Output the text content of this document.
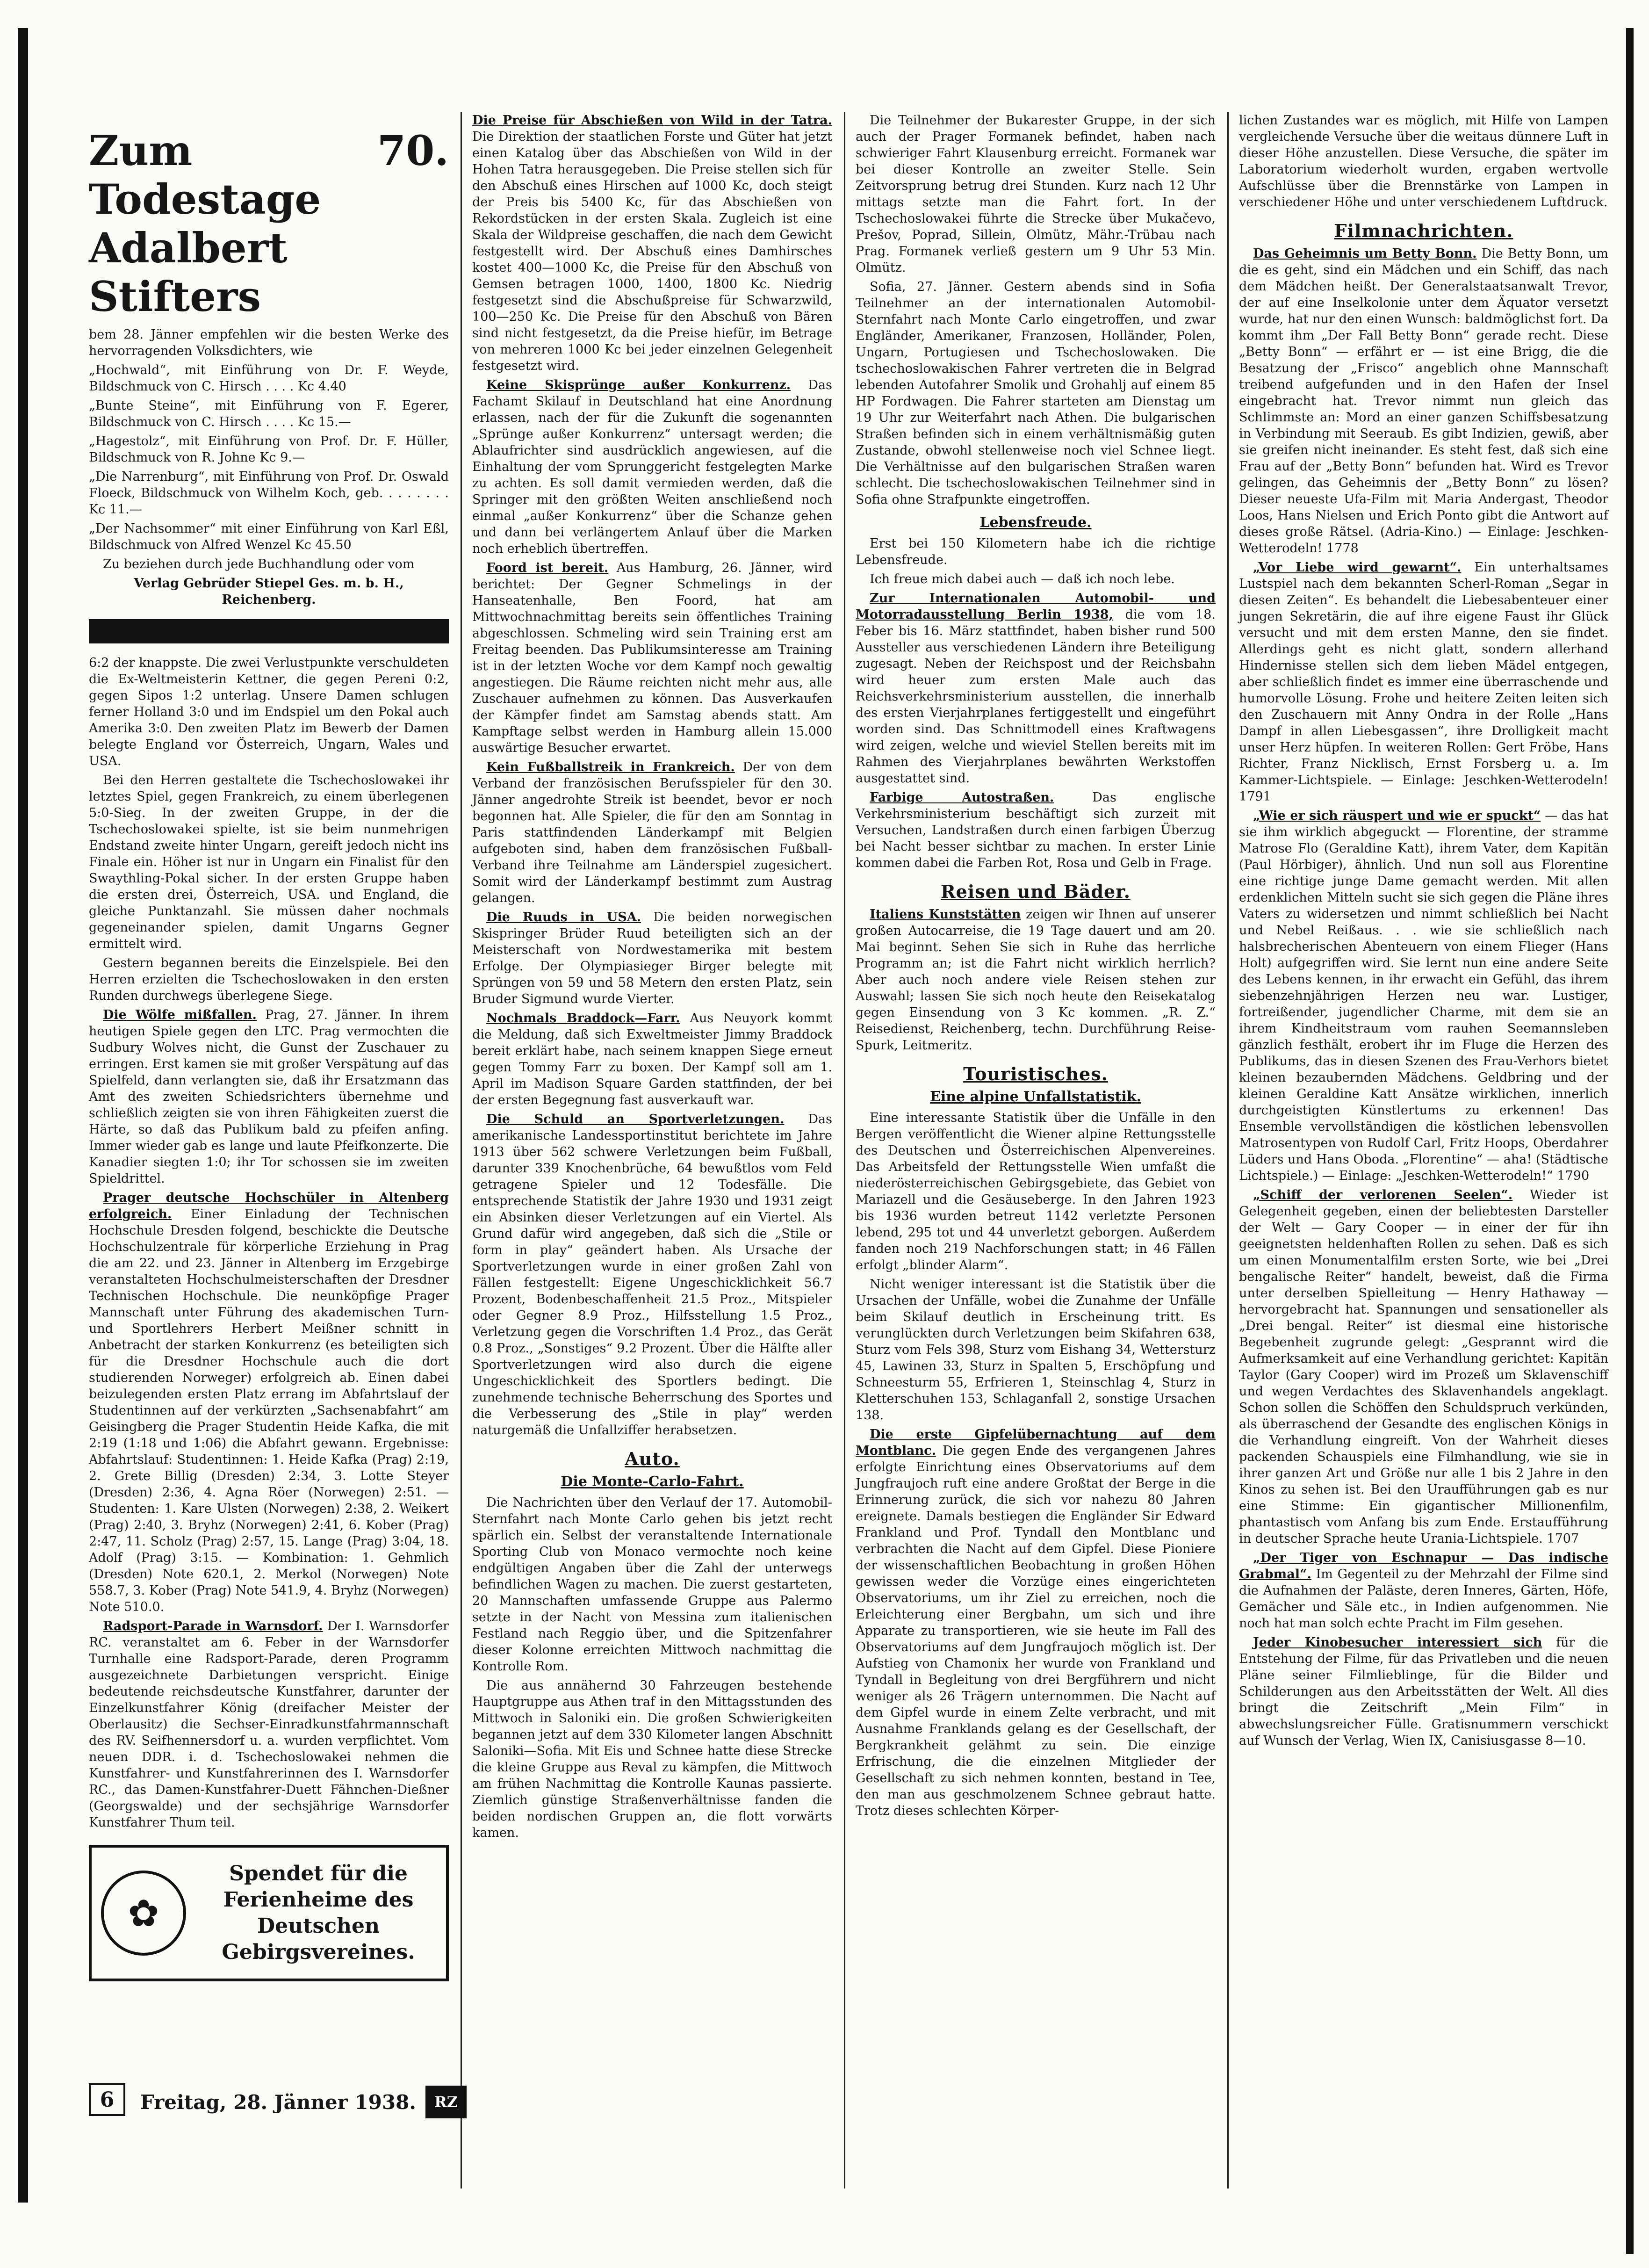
Zum 70. Todestage Adalbert Stifters

bem 28. Jänner empfehlen wir die besten Werke des hervorragenden Volksdichters, wie

„Hochwald“, mit Einführung von Dr. F. Weyde, Bildschmuck von C. Hirsch . . . . Kc 4.40

„Bunte Steine“, mit Einführung von F. Egerer, Bildschmuck von C. Hirsch . . . . Kc 15.—

„Hagestolz“, mit Einführung von Prof. Dr. F. Hüller, Bildschmuck von R. Johne Kc 9.—

„Die Narrenburg“, mit Einführung von Prof. Dr. Oswald Floeck, Bildschmuck von Wilhelm Koch, geb. . . . . . . . Kc 11.—

„Der Nachsommer“ mit einer Einführung von Karl Eßl, Bildschmuck von Alfred Wenzel Kc 45.50

Zu beziehen durch jede Buchhandlung oder vom

Verlag Gebrüder Stiepel Ges. m. b. H., Reichenberg.

6:2 der knappste. Die zwei Verlustpunkte verschuldeten die Ex-Weltmeisterin Kettner, die gegen Pereni 0:2, gegen Sipos 1:2 unterlag. Unsere Damen schlugen ferner Holland 3:0 und im Endspiel um den Pokal auch Amerika 3:0. Den zweiten Platz im Bewerb der Damen belegte England vor Österreich, Ungarn, Wales und USA.

Bei den Herren gestaltete die Tschechoslowakei ihr letztes Spiel, gegen Frankreich, zu einem überlegenen 5:0-Sieg. In der zweiten Gruppe, in der die Tschechoslowakei spielte, ist sie beim nunmehrigen Endstand zweite hinter Ungarn, gereift jedoch nicht ins Finale ein. Höher ist nur in Ungarn ein Finalist für den Swaythling-Pokal sicher. In der ersten Gruppe haben die ersten drei, Österreich, USA. und England, die gleiche Punktanzahl. Sie müssen daher nochmals gegeneinander spielen, damit Ungarns Gegner ermittelt wird.

Gestern begannen bereits die Einzelspiele. Bei den Herren erzielten die Tschechoslowaken in den ersten Runden durchwegs überlegene Siege.

Die Wölfe mißfallen. Prag, 27. Jänner. In ihrem heutigen Spiele gegen den LTC. Prag vermochten die Sudbury Wolves nicht, die Gunst der Zuschauer zu erringen. Erst kamen sie mit großer Verspätung auf das Spielfeld, dann verlangten sie, daß ihr Ersatzmann das Amt des zweiten Schiedsrichters übernehme und schließlich zeigten sie von ihren Fähigkeiten zuerst die Härte, so daß das Publikum bald zu pfeifen anfing. Immer wieder gab es lange und laute Pfeifkonzerte. Die Kanadier siegten 1:0; ihr Tor schossen sie im zweiten Spieldrittel.

Prager deutsche Hochschüler in Altenberg erfolgreich. Einer Einladung der Technischen Hochschule Dresden folgend, beschickte die Deutsche Hochschulzentrale für körperliche Erziehung in Prag die am 22. und 23. Jänner in Altenberg im Erzgebirge veranstalteten Hochschulmeisterschaften der Dresdner Technischen Hochschule. Die neunköpfige Prager Mannschaft unter Führung des akademischen Turn- und Sportlehrers Herbert Meißner schnitt in Anbetracht der starken Konkurrenz (es beteiligten sich für die Dresdner Hochschule auch die dort studierenden Norweger) erfolgreich ab. Einen dabei beizulegenden ersten Platz errang im Abfahrtslauf der Studentinnen auf der verkürzten „Sachsenabfahrt“ am Geisingberg die Prager Studentin Heide Kafka, die mit 2:19 (1:18 und 1:06) die Abfahrt gewann. Ergebnisse: Abfahrtslauf: Studentinnen: 1. Heide Kafka (Prag) 2:19, 2. Grete Billig (Dresden) 2:34, 3. Lotte Steyer (Dresden) 2:36, 4. Agna Röer (Norwegen) 2:51. — Studenten: 1. Kare Ulsten (Norwegen) 2:38, 2. Weikert (Prag) 2:40, 3. Bryhz (Norwegen) 2:41, 6. Kober (Prag) 2:47, 11. Scholz (Prag) 2:57, 15. Lange (Prag) 3:04, 18. Adolf (Prag) 3:15. — Kombination: 1. Gehmlich (Dresden) Note 620.1, 2. Merkol (Norwegen) Note 558.7, 3. Kober (Prag) Note 541.9, 4. Bryhz (Norwegen) Note 510.0.

Radsport-Parade in Warnsdorf. Der I. Warnsdorfer RC. veranstaltet am 6. Feber in der Warnsdorfer Turnhalle eine Radsport-Parade, deren Programm ausgezeichnete Darbietungen verspricht. Einige bedeutende reichsdeutsche Kunstfahrer, darunter der Einzelkunstfahrer König (dreifacher Meister der Oberlausitz) die Sechser-Einradkunstfahrmannschaft des RV. Seifhennersdorf u. a. wurden verpflichtet. Vom neuen DDR. i. d. Tschechoslowakei nehmen die Kunstfahrer- und Kunstfahrerinnen des I. Warnsdorfer RC., das Damen-Kunstfahrer-Duett Fähnchen-Dießner (Georgswalde) und der sechsjährige Warnsdorfer Kunstfahrer Thum teil.

✿
Spendet für die Ferienheime des Deutschen Gebirgsvereines.

Die Preise für Abschießen von Wild in der Tatra. Die Direktion der staatlichen Forste und Güter hat jetzt einen Katalog über das Abschießen von Wild in der Hohen Tatra herausgegeben. Die Preise stellen sich für den Abschuß eines Hirschen auf 1000 Kc, doch steigt der Preis bis 5400 Kc, für das Abschießen von Rekordstücken in der ersten Skala. Zugleich ist eine Skala der Wildpreise geschaffen, die nach dem Gewicht festgestellt wird. Der Abschuß eines Damhirsches kostet 400—1000 Kc, die Preise für den Abschuß von Gemsen betragen 1000, 1400, 1800 Kc. Niedrig festgesetzt sind die Abschußpreise für Schwarzwild, 100—250 Kc. Die Preise für den Abschuß von Bären sind nicht festgesetzt, da die Preise hiefür, im Betrage von mehreren 1000 Kc bei jeder einzelnen Gelegenheit festgesetzt wird.

Keine Skisprünge außer Konkurrenz. Das Fachamt Skilauf in Deutschland hat eine Anordnung erlassen, nach der für die Zukunft die sogenannten „Sprünge außer Konkurrenz“ untersagt werden; die Ablaufrichter sind ausdrücklich angewiesen, auf die Einhaltung der vom Sprunggericht festgelegten Marke zu achten. Es soll damit vermieden werden, daß die Springer mit den größten Weiten anschließend noch einmal „außer Konkurrenz“ über die Schanze gehen und dann bei verlängertem Anlauf über die Marken noch erheblich übertreffen.

Foord ist bereit. Aus Hamburg, 26. Jänner, wird berichtet: Der Gegner Schmelings in der Hanseatenhalle, Ben Foord, hat am Mittwochnachmittag bereits sein öffentliches Training abgeschlossen. Schmeling wird sein Training erst am Freitag beenden. Das Publikumsinteresse am Training ist in der letzten Woche vor dem Kampf noch gewaltig angestiegen. Die Räume reichten nicht mehr aus, alle Zuschauer aufnehmen zu können. Das Ausverkaufen der Kämpfer findet am Samstag abends statt. Am Kampftage selbst werden in Hamburg allein 15.000 auswärtige Besucher erwartet.

Kein Fußballstreik in Frankreich. Der von dem Verband der französischen Berufsspieler für den 30. Jänner angedrohte Streik ist beendet, bevor er noch begonnen hat. Alle Spieler, die für den am Sonntag in Paris stattfindenden Länderkampf mit Belgien aufgeboten sind, haben dem französischen Fußball-Verband ihre Teilnahme am Länderspiel zugesichert. Somit wird der Länderkampf bestimmt zum Austrag gelangen.

Die Ruuds in USA. Die beiden norwegischen Skispringer Brüder Ruud beteiligten sich an der Meisterschaft von Nordwestamerika mit bestem Erfolge. Der Olympiasieger Birger belegte mit Sprüngen von 59 und 58 Metern den ersten Platz, sein Bruder Sigmund wurde Vierter.

Nochmals Braddock—Farr. Aus Neuyork kommt die Meldung, daß sich Exweltmeister Jimmy Braddock bereit erklärt habe, nach seinem knappen Siege erneut gegen Tommy Farr zu boxen. Der Kampf soll am 1. April im Madison Square Garden stattfinden, der bei der ersten Begegnung fast ausverkauft war.

Die Schuld an Sportverletzungen. Das amerikanische Landessportinstitut berichtete im Jahre 1913 über 562 schwere Verletzungen beim Fußball, darunter 339 Knochenbrüche, 64 bewußtlos vom Feld getragene Spieler und 12 Todesfälle. Die entsprechende Statistik der Jahre 1930 und 1931 zeigt ein Absinken dieser Verletzungen auf ein Viertel. Als Grund dafür wird angegeben, daß sich die „Stile or form in play“ geändert haben. Als Ursache der Sportverletzungen wurde in einer großen Zahl von Fällen festgestellt: Eigene Ungeschicklichkeit 56.7 Prozent, Bodenbeschaffenheit 21.5 Proz., Mitspieler oder Gegner 8.9 Proz., Hilfsstellung 1.5 Proz., Verletzung gegen die Vorschriften 1.4 Proz., das Gerät 0.8 Proz., „Sonstiges“ 9.2 Prozent. Über die Hälfte aller Sportverletzungen wird also durch die eigene Ungeschicklichkeit des Sportlers bedingt. Die zunehmende technische Beherrschung des Sportes und die Verbesserung des „Stile in play“ werden naturgemäß die Unfallziffer herabsetzen.

Auto.
Die Monte-Carlo-Fahrt.

Die Nachrichten über den Verlauf der 17. Automobil-Sternfahrt nach Monte Carlo gehen bis jetzt recht spärlich ein. Selbst der veranstaltende Internationale Sporting Club von Monaco vermochte noch keine endgültigen Angaben über die Zahl der unterwegs befindlichen Wagen zu machen. Die zuerst gestarteten, 20 Mannschaften umfassende Gruppe aus Palermo setzte in der Nacht von Messina zum italienischen Festland nach Reggio über, und die Spitzenfahrer dieser Kolonne erreichten Mittwoch nachmittag die Kontrolle Rom.

Die aus annähernd 30 Fahrzeugen bestehende Hauptgruppe aus Athen traf in den Mittagsstunden des Mittwoch in Saloniki ein. Die großen Schwierigkeiten begannen jetzt auf dem 330 Kilometer langen Abschnitt Saloniki—Sofia. Mit Eis und Schnee hatte diese Strecke die kleine Gruppe aus Reval zu kämpfen, die Mittwoch am frühen Nachmittag die Kontrolle Kaunas passierte. Ziemlich günstige Straßenverhältnisse fanden die beiden nordischen Gruppen an, die flott vorwärts kamen.

Die Teilnehmer der Bukarester Gruppe, in der sich auch der Prager Formanek befindet, haben nach schwieriger Fahrt Klausenburg erreicht. Formanek war bei dieser Kontrolle an zweiter Stelle. Sein Zeitvorsprung betrug drei Stunden. Kurz nach 12 Uhr mittags setzte man die Fahrt fort. In der Tschechoslowakei führte die Strecke über Mukačevo, Prešov, Poprad, Sillein, Olmütz, Mähr.-Trübau nach Prag. Formanek verließ gestern um 9 Uhr 53 Min. Olmütz.

Sofia, 27. Jänner. Gestern abends sind in Sofia Teilnehmer an der internationalen Automobil-Sternfahrt nach Monte Carlo eingetroffen, und zwar Engländer, Amerikaner, Franzosen, Holländer, Polen, Ungarn, Portugiesen und Tschechoslowaken. Die tschechoslowakischen Fahrer vertreten die in Belgrad lebenden Autofahrer Smolik und Grohahlj auf einem 85 HP Fordwagen. Die Fahrer starteten am Dienstag um 19 Uhr zur Weiterfahrt nach Athen. Die bulgarischen Straßen befinden sich in einem verhältnismäßig guten Zustande, obwohl stellenweise noch viel Schnee liegt. Die Verhältnisse auf den bulgarischen Straßen waren schlecht. Die tschechoslowakischen Teilnehmer sind in Sofia ohne Strafpunkte eingetroffen.

Lebensfreude.

Erst bei 150 Kilometern habe ich die richtige Lebensfreude.

Ich freue mich dabei auch — daß ich noch lebe.

Zur Internationalen Automobil- und Motorradausstellung Berlin 1938, die vom 18. Feber bis 16. März stattfindet, haben bisher rund 500 Aussteller aus verschiedenen Ländern ihre Beteiligung zugesagt. Neben der Reichspost und der Reichsbahn wird heuer zum ersten Male auch das Reichsverkehrsministerium ausstellen, die innerhalb des ersten Vierjahrplanes fertiggestellt und eingeführt worden sind. Das Schnittmodell eines Kraftwagens wird zeigen, welche und wieviel Stellen bereits mit im Rahmen des Vierjahrplanes bewährten Werkstoffen ausgestattet sind.

Farbige Autostraßen.	Das englische Verkehrsministerium beschäftigt sich zurzeit mit Versuchen, Landstraßen durch einen farbigen Überzug bei Nacht besser sichtbar zu machen. In erster Linie kommen dabei die Farben Rot, Rosa und Gelb in Frage.

Reisen und Bäder.

Italiens Kunststätten zeigen wir Ihnen auf unserer großen Autocarreise, die 19 Tage dauert und am 20. Mai beginnt. Sehen Sie sich in Ruhe das herrliche Programm an; ist die Fahrt nicht wirklich herrlich? Aber auch noch andere viele Reisen stehen zur Auswahl; lassen Sie sich noch heute den Reisekatalog gegen Einsendung von 3 Kc kommen. „R. Z.“ Reisedienst, Reichenberg, techn. Durchführung Reise-Spurk, Leitmeritz.

Touristisches.
Eine alpine Unfallstatistik.

Eine interessante Statistik über die Unfälle in den Bergen veröffentlicht die Wiener alpine Rettungsstelle des Deutschen und Österreichischen Alpenvereines. Das Arbeitsfeld der Rettungsstelle Wien umfaßt die niederösterreichischen Gebirgsgebiete, das Gebiet von Mariazell und die Gesäuseberge. In den Jahren 1923 bis 1936 wurden betreut 1142 verletzte Personen lebend, 295 tot und 44 unverletzt geborgen. Außerdem fanden noch 219 Nachforschungen statt; in 46 Fällen erfolgt „blinder Alarm“.

Nicht weniger interessant ist die Statistik über die Ursachen der Unfälle, wobei die Zunahme der Unfälle beim Skilauf deutlich in Erscheinung tritt. Es verunglückten durch Verletzungen beim Skifahren 638, Sturz vom Fels 398, Sturz vom Eishang 34, Wettersturz 45, Lawinen 33, Sturz in Spalten 5, Erschöpfung und Schneesturm 55, Erfrieren 1, Steinschlag 4, Sturz in Kletterschuhen 153, Schlaganfall 2, sonstige Ursachen 138.

Die erste Gipfelübernachtung auf dem Montblanc. Die gegen Ende des vergangenen Jahres erfolgte Einrichtung eines Observatoriums auf dem Jungfraujoch ruft eine andere Großtat der Berge in die Erinnerung zurück, die sich vor nahezu 80 Jahren ereignete. Damals bestiegen die Engländer Sir Edward Frankland und Prof. Tyndall den Montblanc und verbrachten die Nacht auf dem Gipfel. Diese Pioniere der wissenschaftlichen Beobachtung in großen Höhen gewissen weder die Vorzüge eines eingerichteten Observatoriums, um ihr Ziel zu erreichen, noch die Erleichterung einer Bergbahn, um sich und ihre Apparate zu transportieren, wie sie heute im Fall des Observatoriums auf dem Jungfraujoch möglich ist. Der Aufstieg von Chamonix her wurde von Frankland und Tyndall in Begleitung von drei Bergführern und nicht weniger als 26 Trägern unternommen. Die Nacht auf dem Gipfel wurde in einem Zelte verbracht, und mit Ausnahme Franklands gelang es der Gesellschaft, der Bergkrankheit gelähmt zu sein. Die einzige Erfrischung, die die einzelnen Mitglieder der Gesellschaft zu sich nehmen konnten, bestand in Tee, den man aus geschmolzenem Schnee gebraut hatte. Trotz dieses schlechten Körper-

lichen Zustandes war es möglich, mit Hilfe von Lampen vergleichende Versuche über die weitaus dünnere Luft in dieser Höhe anzustellen. Diese Versuche, die später im Laboratorium wiederholt wurden, ergaben wertvolle Aufschlüsse über die Brennstärke von Lampen in verschiedener Höhe und unter verschiedenem Luftdruck.

Filmnachrichten.

Das Geheimnis um Betty Bonn. Die Betty Bonn, um die es geht, sind ein Mädchen und ein Schiff, das nach dem Mädchen heißt. Der Generalstaatsanwalt Trevor, der auf eine Inselkolonie unter dem Äquator versetzt wurde, hat nur den einen Wunsch: baldmöglichst fort. Da kommt ihm „Der Fall Betty Bonn“ gerade recht. Diese „Betty Bonn“ — erfährt er — ist eine Brigg, die die Besatzung der „Frisco“ angeblich ohne Mannschaft treibend aufgefunden und in den Hafen der Insel eingebracht hat. Trevor nimmt nun gleich das Schlimmste an: Mord an einer ganzen Schiffsbesatzung in Verbindung mit Seeraub. Es gibt Indizien, gewiß, aber sie greifen nicht ineinander. Es steht fest, daß sich eine Frau auf der „Betty Bonn“ befunden hat. Wird es Trevor gelingen, das Geheimnis der „Betty Bonn“ zu lösen? Dieser neueste Ufa-Film mit Maria Andergast, Theodor Loos, Hans Nielsen und Erich Ponto gibt die Antwort auf dieses große Rätsel. (Adria-Kino.) — Einlage: Jeschken-Wetterodeln! 1778

„Vor Liebe wird gewarnt“. Ein unterhaltsames Lustspiel nach dem bekannten Scherl-Roman „Segar in diesen Zeiten“. Es behandelt die Liebesabenteuer einer jungen Sekretärin, die auf ihre eigene Faust ihr Glück versucht und mit dem ersten Manne, den sie findet. Allerdings geht es nicht glatt, sondern allerhand Hindernisse stellen sich dem lieben Mädel entgegen, aber schließlich findet es immer eine überraschende und humorvolle Lösung. Frohe und heitere Zeiten leiten sich den Zuschauern mit Anny Ondra in der Rolle „Hans Dampf in allen Liebesgassen“, ihre Drolligkeit macht unser Herz hüpfen. In weiteren Rollen: Gert Fröbe, Hans Richter, Franz Nicklisch, Ernst Forsberg u. a. Im Kammer-Lichtspiele. — Einlage: Jeschken-Wetterodeln! 1791

„Wie er sich räuspert und wie er spuckt“ — das hat sie ihm wirklich abgeguckt — Florentine, der stramme Matrose Flo (Geraldine Katt), ihrem Vater, dem Kapitän (Paul Hörbiger), ähnlich. Und nun soll aus Florentine eine richtige junge Dame gemacht werden. Mit allen erdenklichen Mitteln sucht sie sich gegen die Pläne ihres Vaters zu widersetzen und nimmt schließlich bei Nacht und Nebel Reißaus. . . wie sie schließlich nach halsbrecherischen Abenteuern von einem Flieger (Hans Holt) aufgegriffen wird. Sie lernt nun eine andere Seite des Lebens kennen, in ihr erwacht ein Gefühl, das ihrem siebenzehnjährigen Herzen neu war. Lustiger, fortreißender, jugendlicher Charme, mit dem sie an ihrem Kindheitstraum vom rauhen Seemannsleben gänzlich festhält, erobert ihr im Fluge die Herzen des Publikums, das in diesen Szenen des Frau-Verhors bietet kleinen bezaubernden Mädchens. Geldbring und der kleinen Geraldine Katt Ansätze wirklichen, innerlich durchgeistigten Künstlertums zu erkennen! Das Ensemble vervollständigen die köstlichen lebensvollen Matrosentypen von Rudolf Carl, Fritz Hoops, Oberdahrer Lüders und Hans Oboda. „Florentine“ — aha! (Städtische Lichtspiele.) — Einlage: „Jeschken-Wetterodeln!“ 1790

„Schiff der verlorenen Seelen“. Wieder ist Gelegenheit gegeben, einen der beliebtesten Darsteller der Welt — Gary Cooper — in einer der für ihn geeignetsten heldenhaften Rollen zu sehen. Daß es sich um einen Monumentalfilm ersten Sorte, wie bei „Drei bengalische Reiter“ handelt, beweist, daß die Firma unter derselben Spielleitung — Henry Hathaway — hervorgebracht hat. Spannungen und sensationeller als „Drei bengal. Reiter“ ist diesmal eine historische Begebenheit zugrunde gelegt: „Gesprannt wird die Aufmerksamkeit auf eine Verhandlung gerichtet: Kapitän Taylor (Gary Cooper) wird im Prozeß um Sklavenschiff und wegen Verdachtes des Sklavenhandels angeklagt. Schon sollen die Schöffen den Schuldspruch verkünden, als überraschend der Gesandte des englischen Königs in die Verhandlung eingreift. Von der Wahrheit dieses packenden Schauspiels eine Filmhandlung, wie sie in ihrer ganzen Art und Größe nur alle 1 bis 2 Jahre in den Kinos zu sehen ist. Bei den Uraufführungen gab es nur eine Stimme: Ein gigantischer Millionenfilm, phantastisch vom Anfang bis zum Ende. Erstaufführung in deutscher Sprache heute Urania-Lichtspiele. 1707

„Der Tiger von Eschnapur — Das indische Grabmal“. Im Gegenteil zu der Mehrzahl der Filme sind die Aufnahmen der Paläste, deren Inneres, Gärten, Höfe, Gemächer und Säle etc., in Indien aufgenommen. Nie noch hat man solch echte Pracht im Film gesehen.

Jeder Kinobesucher interessiert sich für die Entstehung der Filme, für das Privatleben und die neuen Pläne seiner Filmlieblinge, für die Bilder und Schilderungen aus den Arbeitsstätten der Welt. All dies bringt die Zeitschrift „Mein Film“ in abwechslungsreicher Fülle. Gratisnummern verschickt auf Wunsch der Verlag, Wien IX, Canisiusgasse 8—10.

6	Freitag, 28. Jänner 1938.	RZ
